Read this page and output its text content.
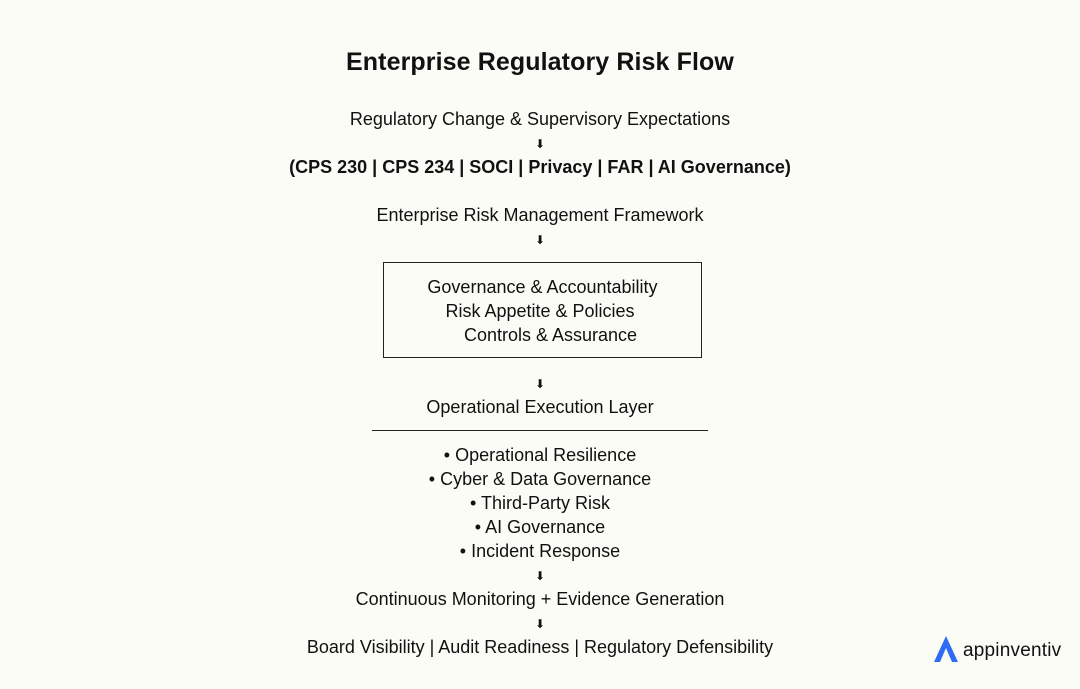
Enterprise Regulatory Risk Flow
Regulatory Change & Supervisory Expectations
⬇
(CPS 230 | CPS 234 | SOCI | Privacy | FAR | AI Governance)
Enterprise Risk Management Framework
⬇
Governance & Accountability
Risk Appetite & Policies
Controls & Assurance
⬇
Operational Execution Layer
• Operational Resilience
• Cyber & Data Governance
• Third-Party Risk
• AI Governance
• Incident Response
⬇
Continuous Monitoring + Evidence Generation
⬇
Board Visibility | Audit Readiness | Regulatory Defensibility	appinventiv
